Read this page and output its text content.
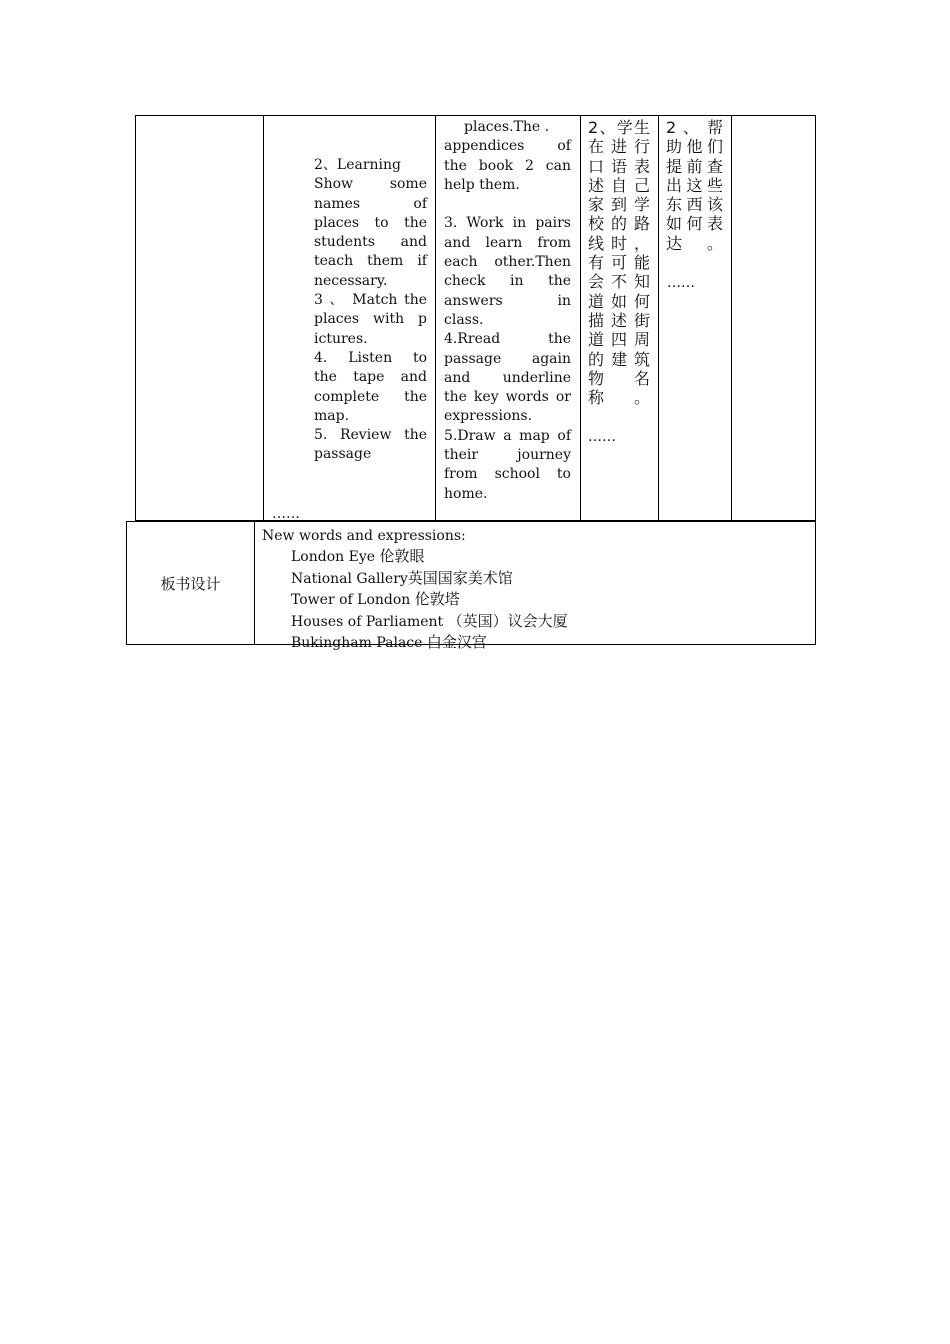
2、Learning
Show some
names of
places to the
students and
teach them if
necessary.
3 、 Match the
places with p
ictures.
4. Listen to
the tape and
complete the
map.
5. Review the
passage
……
places.The .
appendices of
the book 2 can
help them.
3. Work in pairs
and learn from
each other.Then
check in the
answers in
class.
4.Rread the
passage again
and underline
the key words or
expressions.
5.Draw a map of
their journey
from school to
home.
2、学生
在进行
口语表
述自己
家到学
校的路
线时，
有可能
会不知
道如何
描述街
道四周
的建筑
物 名
称。
……
2 、 帮
助他们
提前查
出这些
东西该
如何表
达。
……
板书设计
New words and expressions:
London Eye 伦敦眼
National Gallery英国国家美术馆
Tower of London 伦敦塔
Houses of Parliament （英国）议会大厦
Bukingham Palace 白金汉宫
